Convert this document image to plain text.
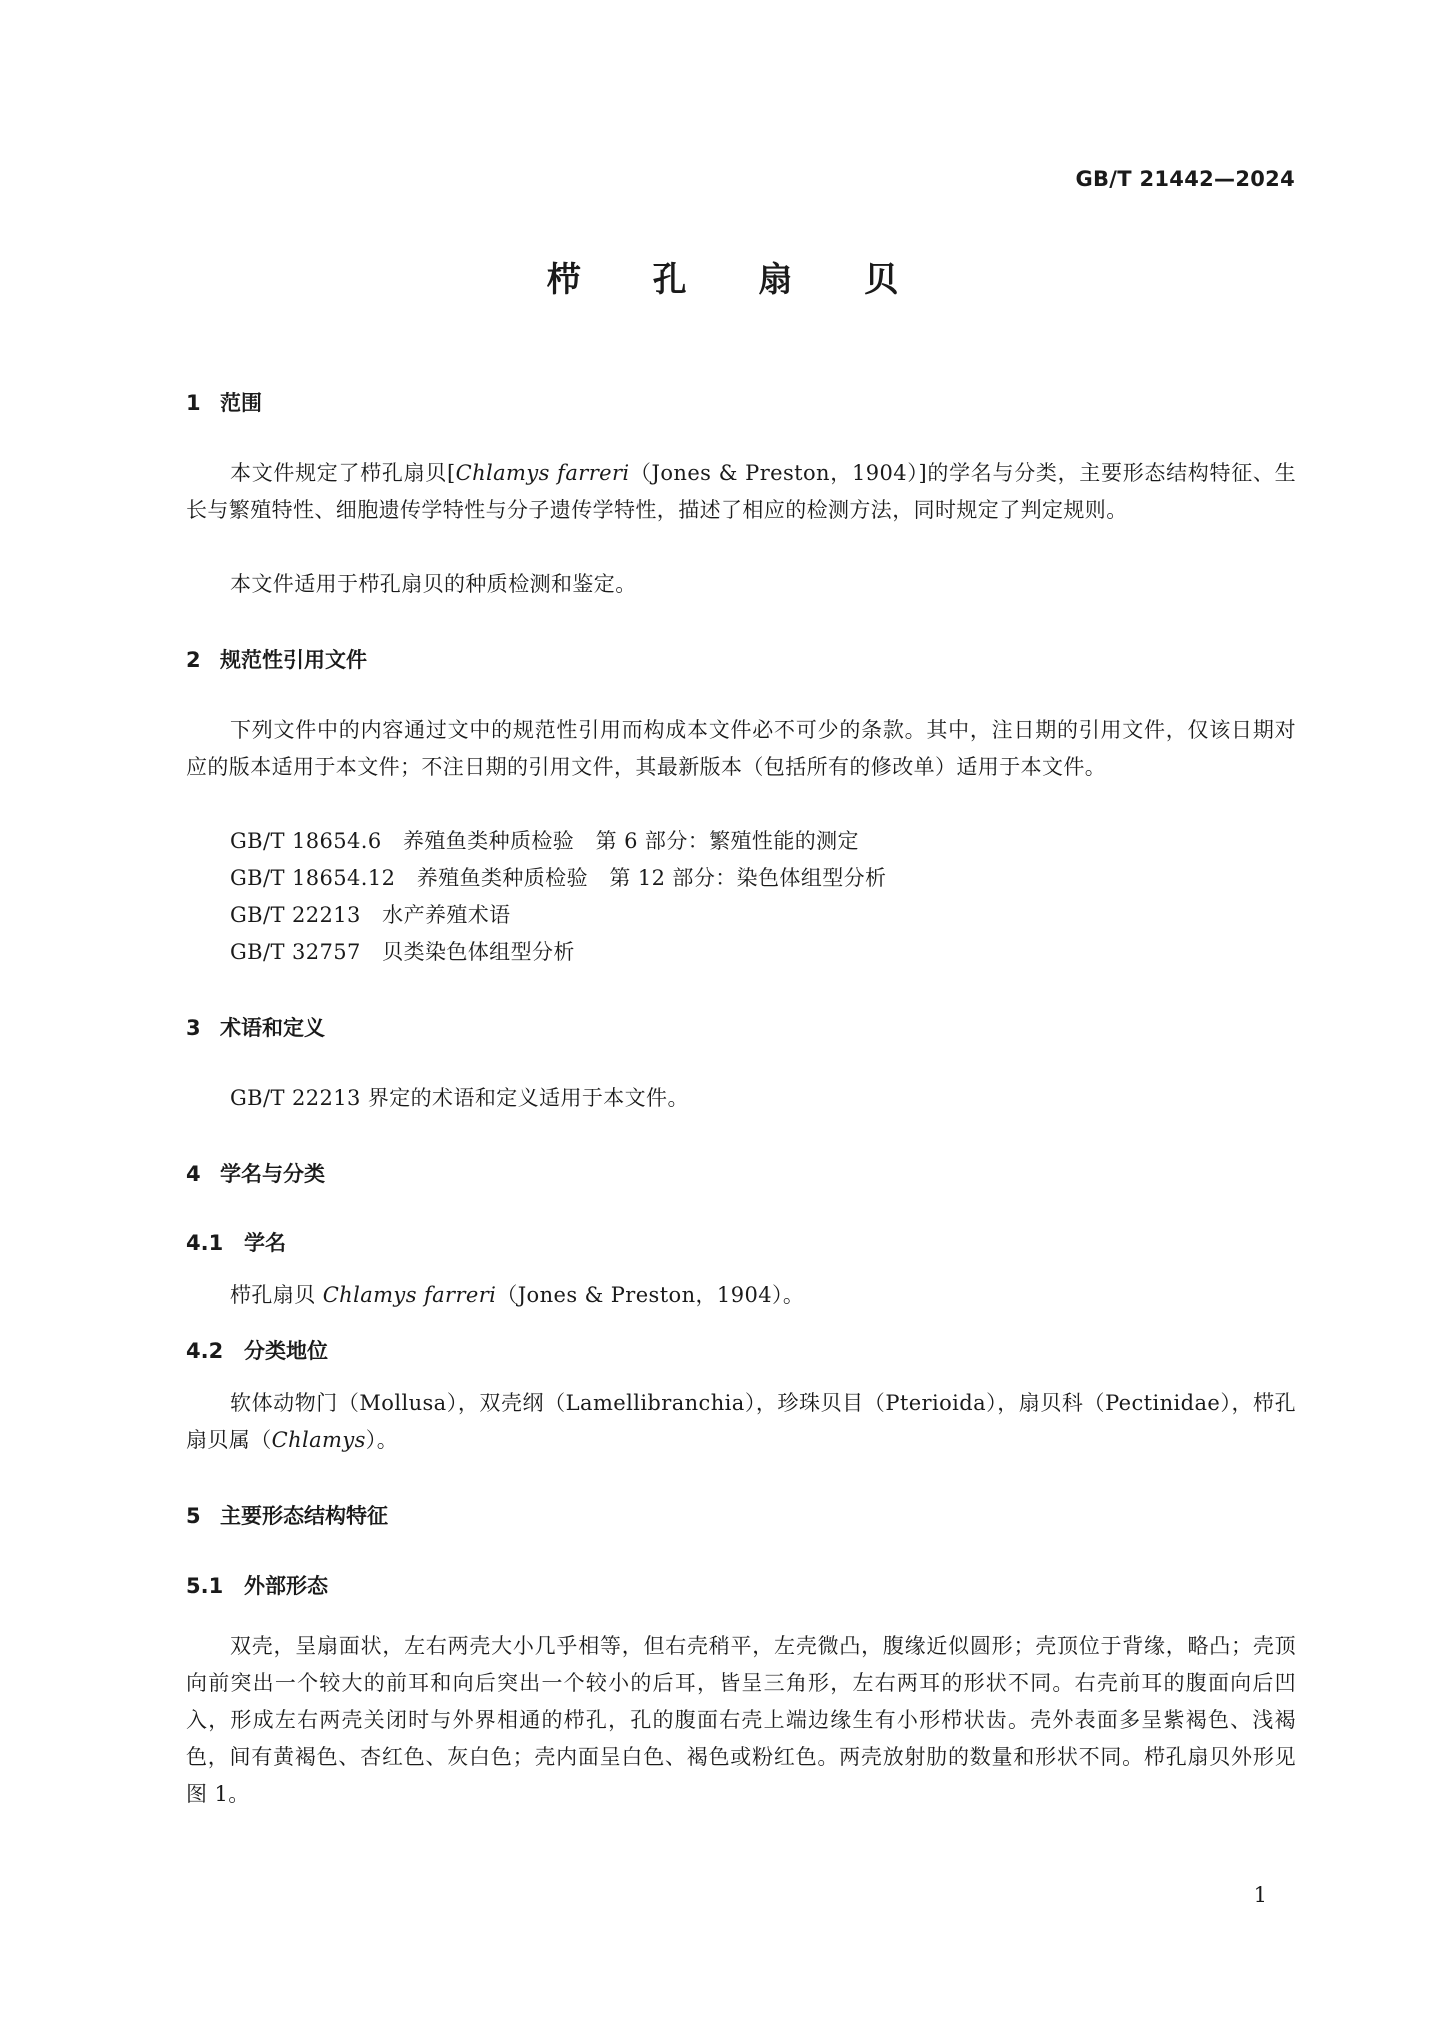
GB/T 21442—2024
栉 孔 扇 贝
1 范围
本文件规定了栉孔扇贝[Chlamys farreri（Jones & Preston，1904）]的学名与分类，主要形态结构特征、生长与繁殖特性、细胞遗传学特性与分子遗传学特性，描述了相应的检测方法，同时规定了判定规则。
本文件适用于栉孔扇贝的种质检测和鉴定。
2 规范性引用文件
下列文件中的内容通过文中的规范性引用而构成本文件必不可少的条款。其中，注日期的引用文件，仅该日期对应的版本适用于本文件；不注日期的引用文件，其最新版本（包括所有的修改单）适用于本文件。
GB/T 18654.6　养殖鱼类种质检验　第 6 部分：繁殖性能的测定
GB/T 18654.12　养殖鱼类种质检验　第 12 部分：染色体组型分析
GB/T 22213　水产养殖术语
GB/T 32757　贝类染色体组型分析
3 术语和定义
GB/T 22213 界定的术语和定义适用于本文件。
4 学名与分类
4.1 学名
栉孔扇贝 Chlamys farreri（Jones & Preston，1904）。
4.2 分类地位
软体动物门（Mollusa），双壳纲（Lamellibranchia），珍珠贝目（Pterioida），扇贝科（Pectinidae），栉孔扇贝属（Chlamys）。
5 主要形态结构特征
5.1 外部形态
双壳，呈扇面状，左右两壳大小几乎相等，但右壳稍平，左壳微凸，腹缘近似圆形；壳顶位于背缘，略凸；壳顶向前突出一个较大的前耳和向后突出一个较小的后耳，皆呈三角形，左右两耳的形状不同。右壳前耳的腹面向后凹入，形成左右两壳关闭时与外界相通的栉孔，孔的腹面右壳上端边缘生有小形栉状齿。壳外表面多呈紫褐色、浅褐色，间有黄褐色、杏红色、灰白色；壳内面呈白色、褐色或粉红色。两壳放射肋的数量和形状不同。栉孔扇贝外形见图 1。
1
